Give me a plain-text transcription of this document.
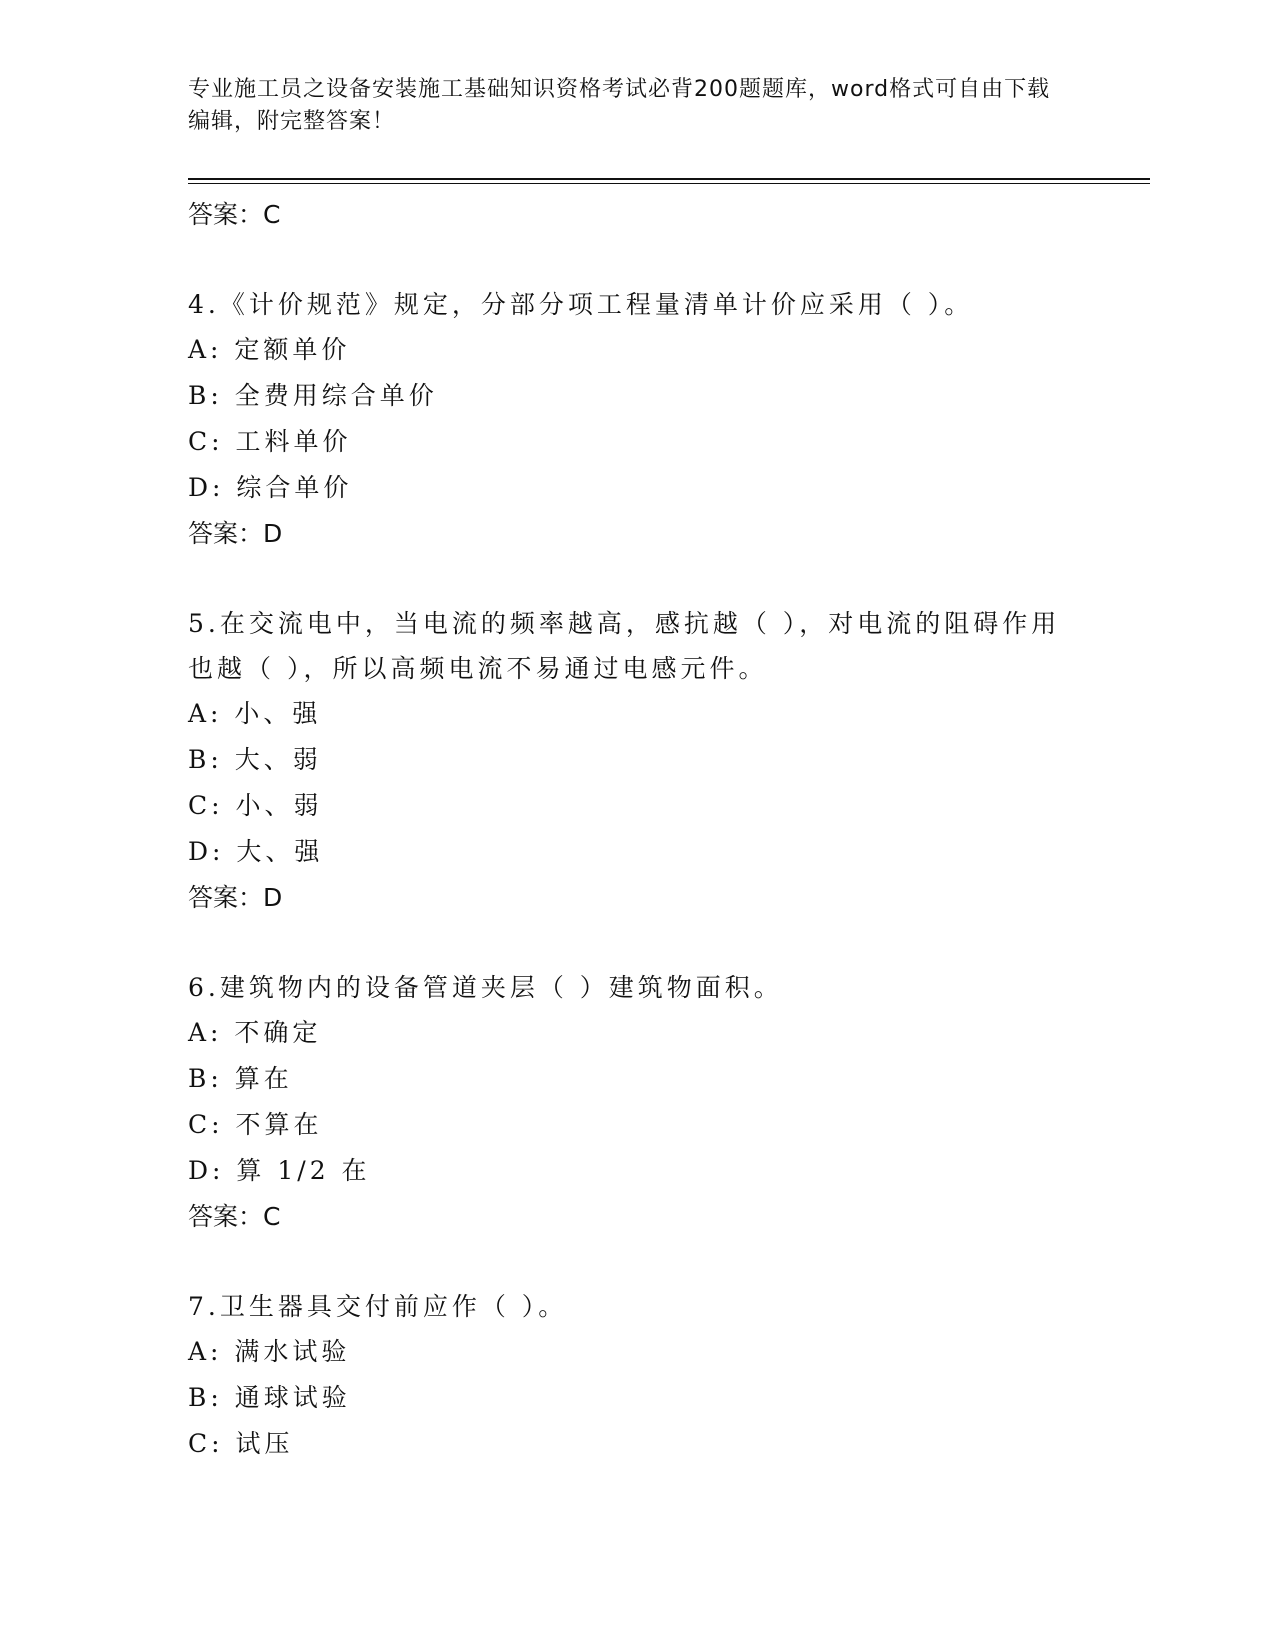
专业施工员之设备安装施工基础知识资格考试必背200题题库，word格式可自由下载编辑，附完整答案！
答案：C
4.《计价规范》规定，分部分项工程量清单计价应采用（ ）。
A: 定额单价
B: 全费用综合单价
C: 工料单价
D: 综合单价
答案：D
5.在交流电中，当电流的频率越高，感抗越（ ），对电流的阻碍作用也越（ ），所以高频电流不易通过电感元件。
A: 小、强
B: 大、弱
C: 小、弱
D: 大、强
答案：D
6.建筑物内的设备管道夹层（ ）建筑物面积。
A: 不确定
B: 算在
C: 不算在
D: 算 1/2 在
答案：C
7.卫生器具交付前应作（ ）。
A: 满水试验
B: 通球试验
C: 试压
